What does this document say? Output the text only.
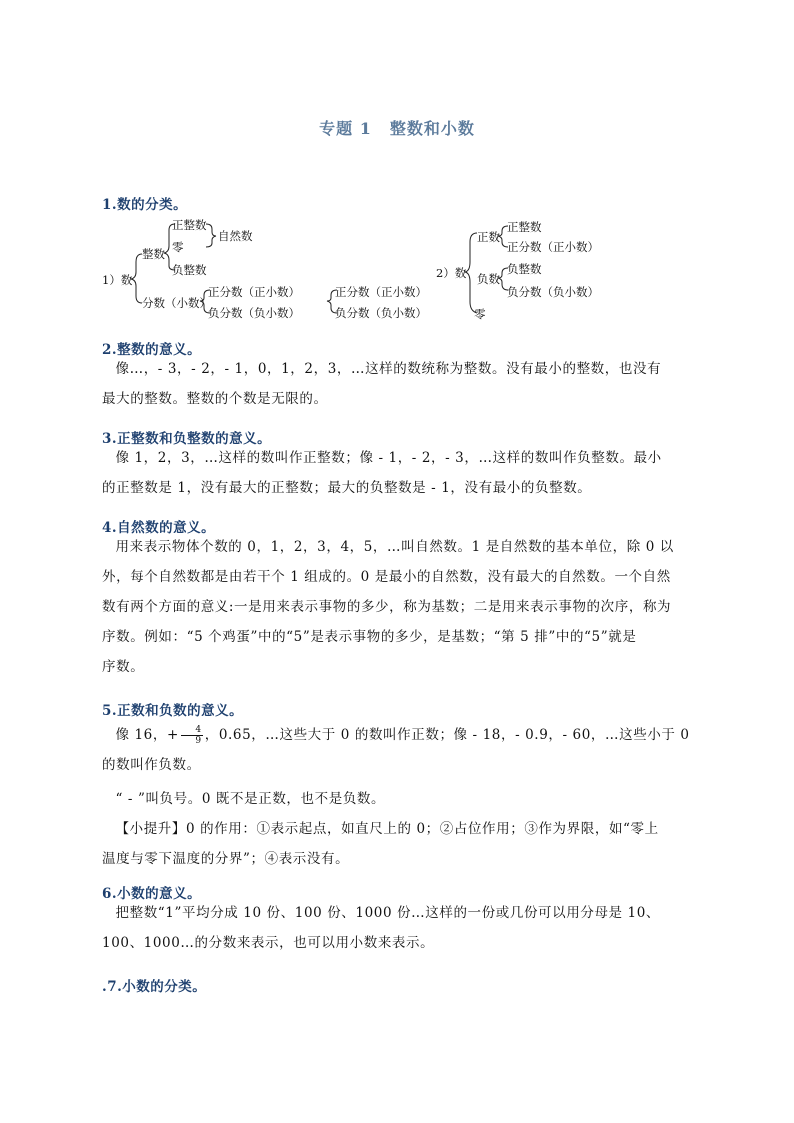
专题 1 整数和小数
1.数的分类。
1）数
整数
正整数
零
自然数
负整数
分数（小数）
正分数（正小数）
负分数（负小数）
正分数（正小数）
负分数（负小数）
2）数
正数
正整数
正分数（正小数）
负数
负整数
负分数（负小数）
零
2.整数的意义。
像…，- 3，- 2，- 1，0，1，2，3，…这样的数统称为整数。没有最小的整数，也没有
最大的整数。整数的个数是无限的。
3.正整数和负整数的意义。
像 1，2，3，…这样的数叫作正整数；像 - 1，- 2，- 3，…这样的数叫作负整数。最小
的正整数是 1，没有最大的正整数；最大的负整数是 - 1，没有最小的负整数。
4.自然数的意义。
用来表示物体个数的 0，1，2，3，4，5，…叫自然数。1 是自然数的基本单位，除 0 以
外，每个自然数都是由若干个 1 组成的。0 是最小的自然数，没有最大的自然数。一个自然
数有两个方面的意义:一是用来表示事物的多少，称为基数；二是用来表示事物的次序，称为
序数。例如：“5 个鸡蛋”中的“5”是表示事物的多少，是基数；“第 5 排”中的“5”就是
序数。
5.正数和负数的意义。
像 16，+ $\frac{4}{9}$ ，0.65，…这些大于 0 的数叫作正数；像 - 18，- 0.9，- 60，…这些小于 0
的数叫作负数。
“ - ”叫负号。0 既不是正数，也不是负数。
【小提升】0 的作用：①表示起点，如直尺上的 0；②占位作用；③作为界限，如“零上
温度与零下温度的分界”；④表示没有。
6.小数的意义。
把整数“1”平均分成 10 份、100 份、1000 份…这样的一份或几份可以用分母是 10、
100、1000…的分数来表示，也可以用小数来表示。
.7.小数的分类。
